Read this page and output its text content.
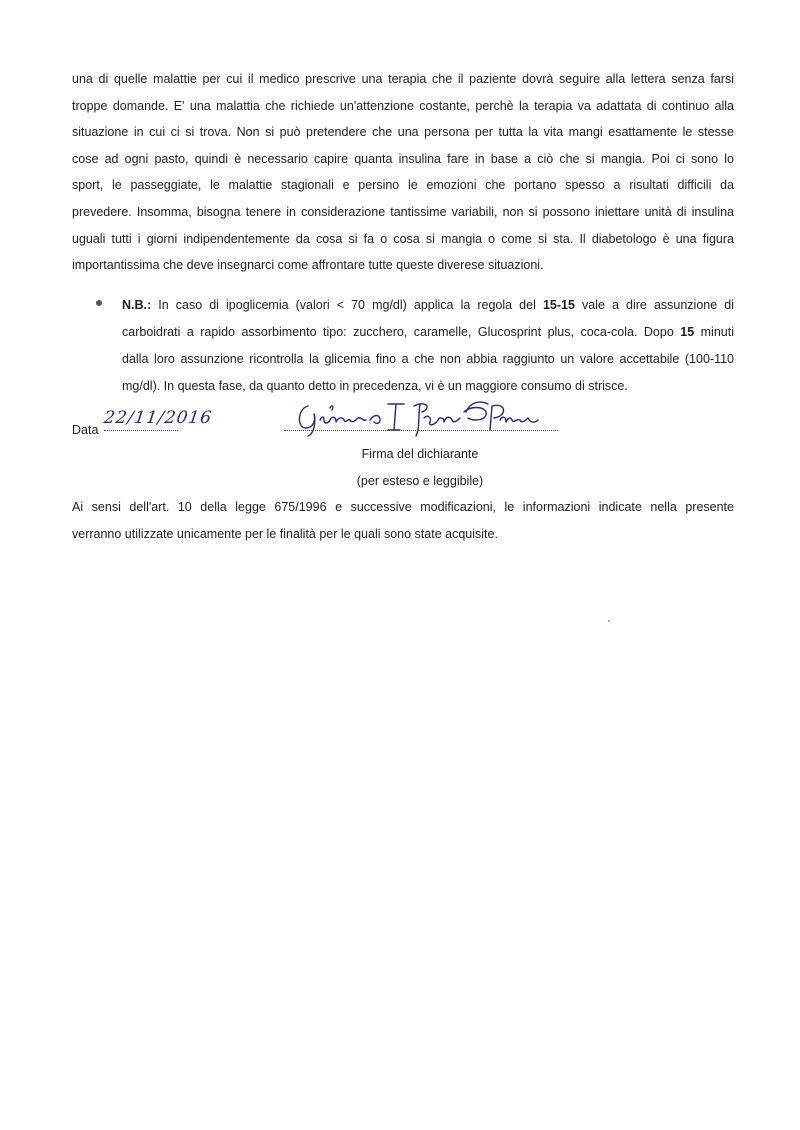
una di quelle malattie per cui il medico prescrive una terapia che il paziente dovrà seguire alla lettera senza farsi
troppe domande. E' una malattia che richiede un'attenzione costante, perchè la terapia va adattata di continuo alla
situazione in cui ci si trova. Non si può pretendere che una persona per tutta la vita mangi esattamente le stesse
cose ad ogni pasto, quindi è necessario capire quanta insulina fare in base a ciò che si mangia. Poi ci sono lo
sport, le passeggiate, le malattie stagionali e persino le emozioni che portano spesso a risultati difficili da
prevedere. Insomma, bisogna tenere in considerazione tantissime variabili, non si possono iniettare unità di insulina
uguali tutti i giorni indipendentemente da cosa si fa o cosa si mangia o come si sta. Il diabetologo è una figura
importantissima che deve insegnarci come affrontare tutte queste diverese situazioni.
N.B.: In caso di ipoglicemia (valori < 70 mg/dl) applica la regola del 15-15 vale a dire assunzione di
carboidrati a rapido assorbimento tipo: zucchero, caramelle, Glucosprint plus, coca-cola. Dopo 15 minuti
dalla loro assunzione ricontrolla la glicemia fino a che non abbia raggiunto un valore accettabile (100-110
mg/dl). In questa fase, da quanto detto in precedenza, vi è un maggiore consumo di strisce.
Data
22/11/2016
Firma del dichiarante
(per esteso e leggibile)
Ai sensi dell'art. 10 della legge 675/1996 e successive modificazioni, le informazioni indicate nella presente
verranno utilizzate unicamente per le finalità per le quali sono state acquisite.
